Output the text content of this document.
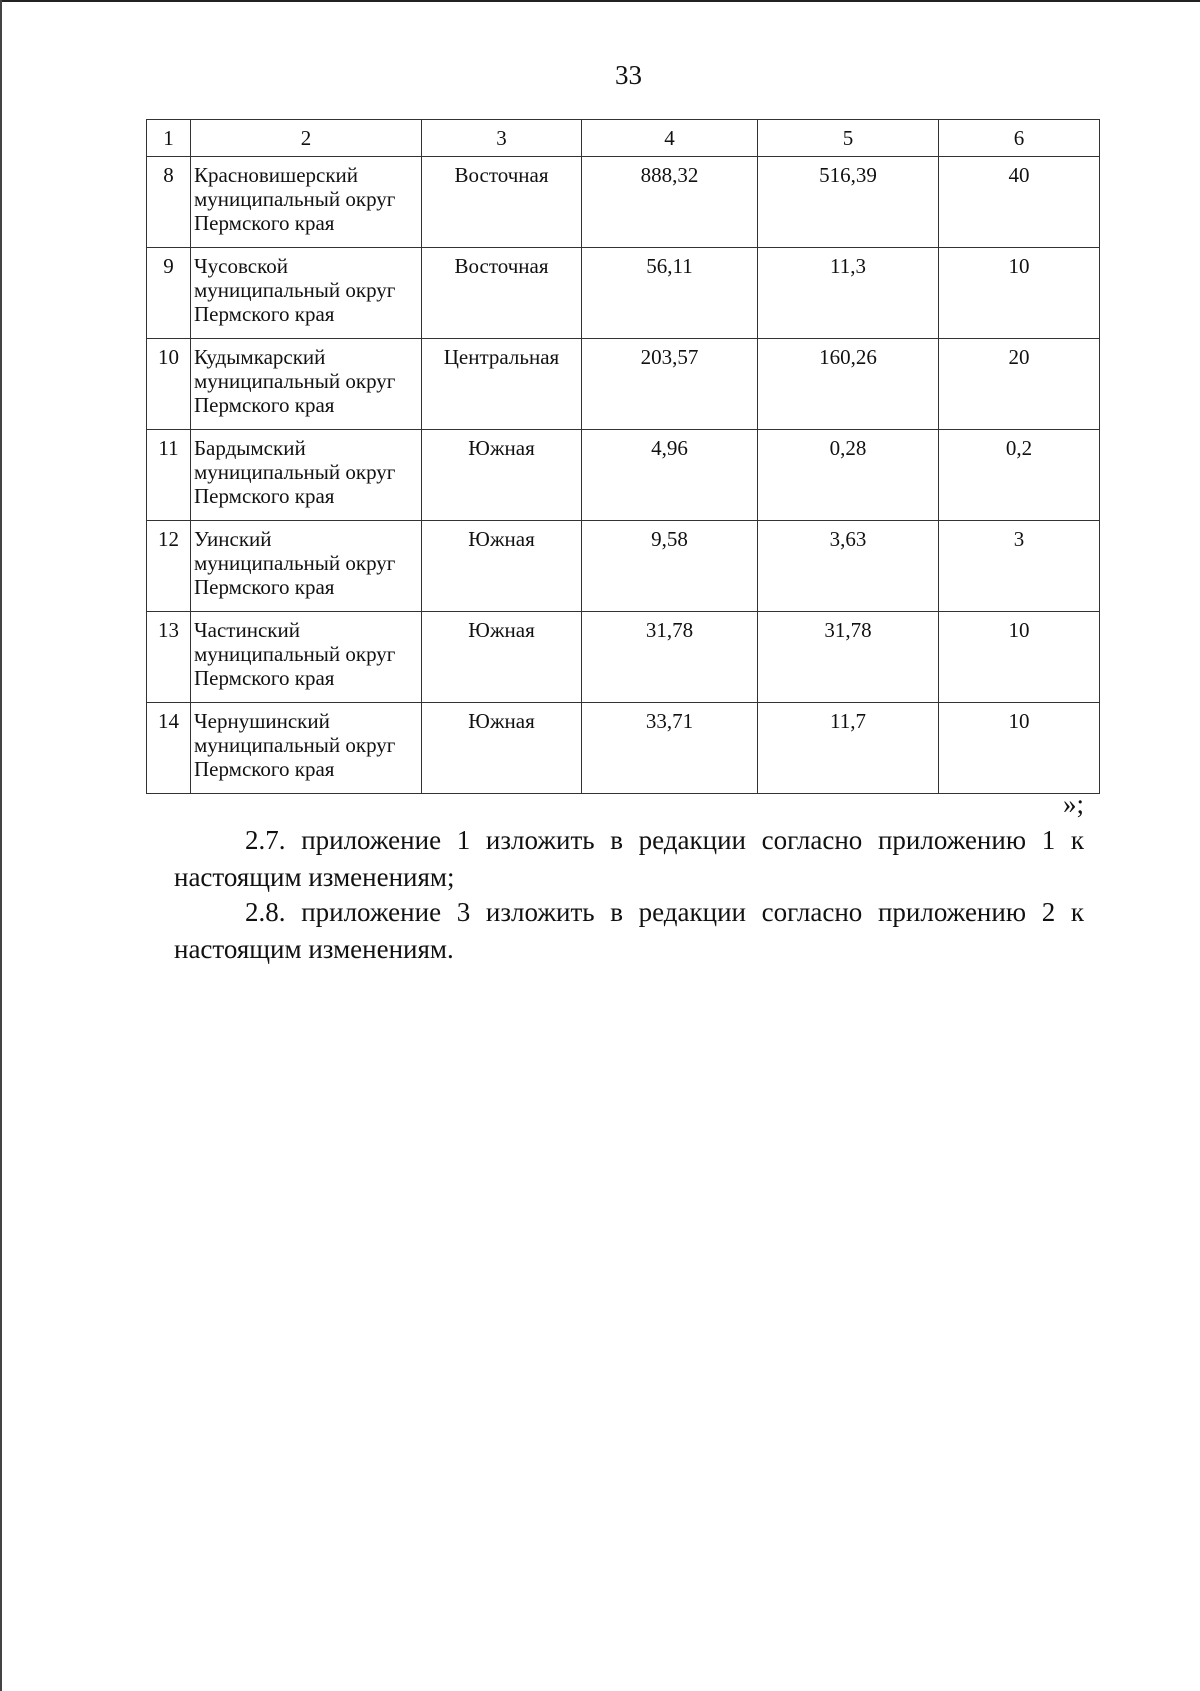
33
1	2	3	4	5	6
8	Красновишерский муниципальный округ Пермского края	Восточная	888,32	516,39	40
9	Чусовской муниципальный округ Пермского края	Восточная	56,11	11,3	10
10	Кудымкарский муниципальный округ Пермского края	Центральная	203,57	160,26	20
11	Бардымский муниципальный округ Пермского края	Южная	4,96	0,28	0,2
12	Уинский муниципальный округ Пермского края	Южная	9,58	3,63	3
13	Частинский муниципальный округ Пермского края	Южная	31,78	31,78	10
14	Чернушинский муниципальный округ Пермского края	Южная	33,71	11,7	10
»;

2.7. приложение 1 изложить в редакции согласно приложению 1 к настоящим изменениям;

2.8. приложение 3 изложить в редакции согласно приложению 2 к настоящим изменениям.
